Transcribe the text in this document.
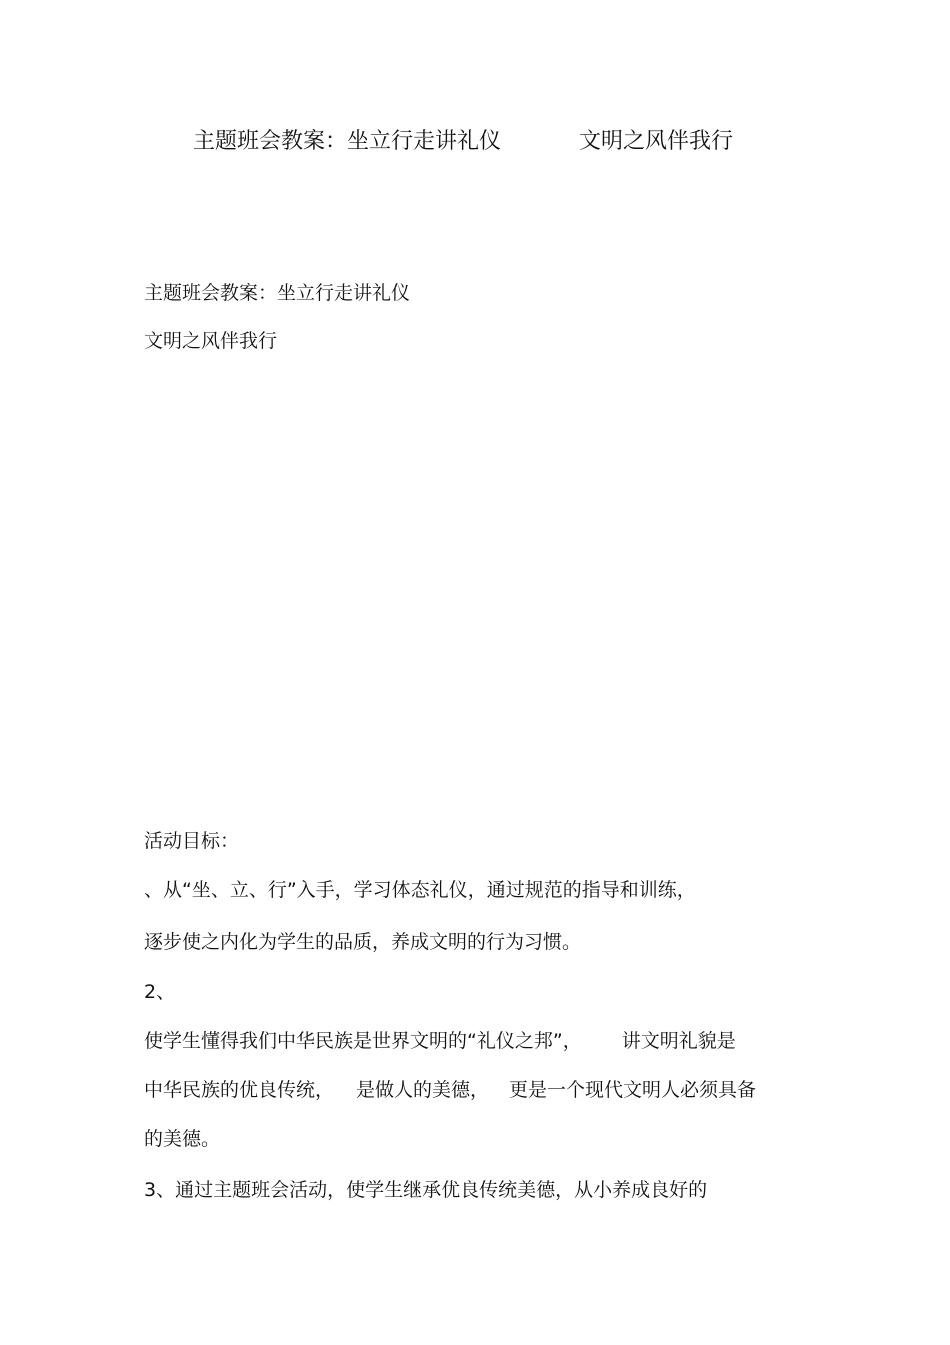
主题班会教案：坐立行走讲礼仪	文明之风伴我行
主题班会教案：坐立行走讲礼仪
文明之风伴我行
活动目标：
、从“坐、立、行”入手，学习体态礼仪，通过规范的指导和训练，
逐步使之内化为学生的品质，养成文明的行为习惯。
2、
使学生懂得我们中华民族是世界文明的“礼仪之邦”， 讲文明礼貌是
中华民族的优良传统， 是做人的美德， 更是一个现代文明人必须具备
的美德。
3、通过主题班会活动，使学生继承优良传统美德，从小养成良好的
